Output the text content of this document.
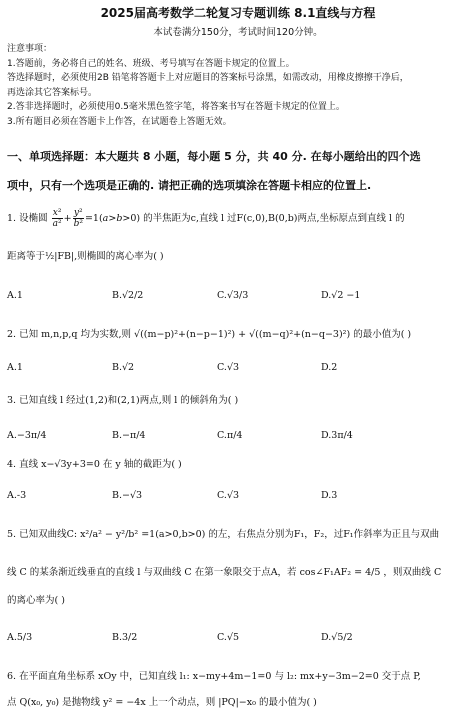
2025届高考数学二轮复习专题训练 8.1直线与方程
本试卷满分150分，考试时间120分钟。
注意事项：
1.答题前，务必将自己的姓名、班级、考号填写在答题卡规定的位置上。
答选择题时，必须使用2B 铅笔将答题卡上对应题目的答案标号涂黑，如需改动，用橡皮擦擦干净后，
再选涂其它答案标号。
2.答非选择题时，必须使用0.5毫米黑色签字笔，将答案书写在答题卡规定的位置上。
3.所有题目必须在答题卡上作答，在试题卷上答题无效。
一、单项选择题：本大题共 8 小题，每小题 5 分，共 40 分. 在每小题给出的四个选
项中，只有一个选项是正确的. 请把正确的选项填涂在答题卡相应的位置上.
1. 设椭圆 $\frac{\text{x²}}{\text{a²}} + \frac{\text{y²}}{\text{b²}} =1(a>b>0)$ 的半焦距为c,直线 l 过F(c,0),B(0,b)两点,坐标原点到直线 l 的
距离等于½|FB|,则椭圆的离心率为( )
A.1	B.√2/2	C.√3/3	D.√2 −1
2. 已知 m,n,p,q 均为实数,则 √((m−p)²+(n−p−1)²) + √((m−q)²+(n−q−3)²) 的最小值为( )
A.1	B.√2	C.√3	D.2
3. 已知直线 l 经过(1,2)和(2,1)两点,则 l 的倾斜角为( )
A.−3π/4	B.−π/4	C.π/4	D.3π/4
4. 直线 x−√3y+3=0 在 y 轴的截距为( )
A.-3	B.−√3	C.√3	D.3
5. 已知双曲线C: x²/a² − y²/b² =1(a>0,b>0) 的左，右焦点分别为F₁，F₂，过F₁作斜率为正且与双曲
线 C 的某条渐近线垂直的直线 l 与双曲线 C 在第一象限交于点A，若 cos∠F₁AF₂ = 4/5 ，则双曲线 C
的离心率为( )
A.5/3	B.3/2	C.√5	D.√5/2
6. 在平面直角坐标系 xOy 中，已知直线 l₁: x−my+4m−1=0 与 l₂: mx+y−3m−2=0 交于点 P,
点 Q(x₀, y₀) 是抛物线 y² = −4x 上一个动点，则 |PQ|−x₀ 的最小值为( )
